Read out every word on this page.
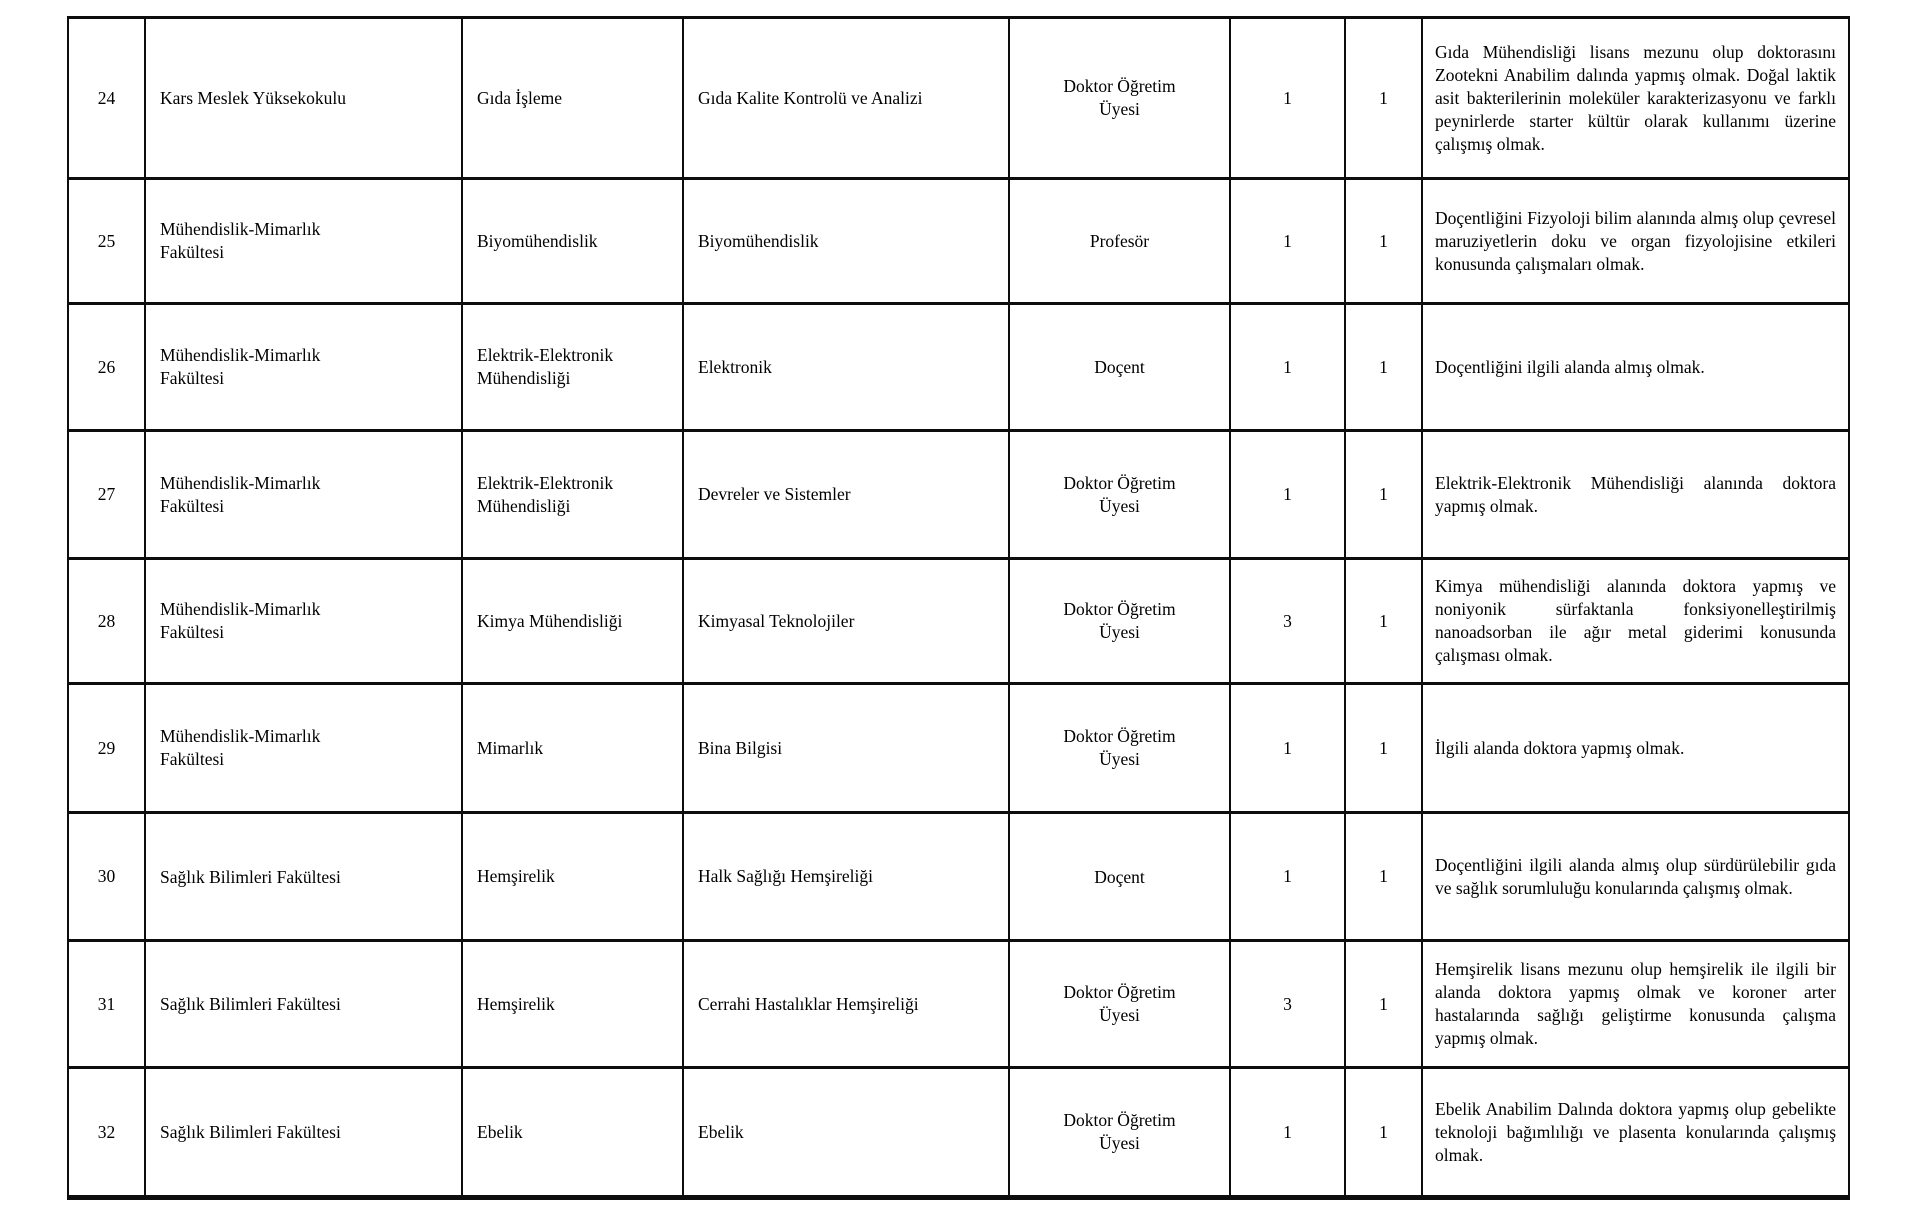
24	Kars Meslek Yüksekokulu	Gıda İşleme	Gıda Kalite Kontrolü ve Analizi	Doktor Öğretim Üyesi	1	1	Gıda Mühendisliği lisans mezunu olup doktorasını Zootekni Anabilim dalında yapmış olmak. Doğal laktik asit bakterilerinin moleküler karakterizasyonu ve farklı peynirlerde starter kültür olarak kullanımı üzerine çalışmış olmak.
25	Mühendislik-Mimarlık Fakültesi	Biyomühendislik	Biyomühendislik	Profesör	1	1	Doçentliğini Fizyoloji bilim alanında almış olup çevresel maruziyetlerin doku ve organ fizyolojisine etkileri konusunda çalışmaları olmak.
26	Mühendislik-Mimarlık Fakültesi	Elektrik-Elektronik Mühendisliği	Elektronik	Doçent	1	1	Doçentliğini ilgili alanda almış olmak.
27	Mühendislik-Mimarlık Fakültesi	Elektrik-Elektronik Mühendisliği	Devreler ve Sistemler	Doktor Öğretim Üyesi	1	1	Elektrik-Elektronik Mühendisliği alanında doktora yapmış olmak.
28	Mühendislik-Mimarlık Fakültesi	Kimya Mühendisliği	Kimyasal Teknolojiler	Doktor Öğretim Üyesi	3	1	Kimya mühendisliği alanında doktora yapmış ve noniyonik sürfaktanla fonksiyonelleştirilmiş nanoadsorban ile ağır metal giderimi konusunda çalışması olmak.
29	Mühendislik-Mimarlık Fakültesi	Mimarlık	Bina Bilgisi	Doktor Öğretim Üyesi	1	1	İlgili alanda doktora yapmış olmak.
30	Sağlık Bilimleri Fakültesi	Hemşirelik	Halk Sağlığı Hemşireliği	Doçent	1	1	Doçentliğini ilgili alanda almış olup sürdürülebilir gıda ve sağlık sorumluluğu konularında çalışmış olmak.
31	Sağlık Bilimleri Fakültesi	Hemşirelik	Cerrahi Hastalıklar Hemşireliği	Doktor Öğretim Üyesi	3	1	Hemşirelik lisans mezunu olup hemşirelik ile ilgili bir alanda doktora yapmış olmak ve koroner arter hastalarında sağlığı geliştirme konusunda çalışma yapmış olmak.
32	Sağlık Bilimleri Fakültesi	Ebelik	Ebelik	Doktor Öğretim Üyesi	1	1	Ebelik Anabilim Dalında doktora yapmış olup gebelikte teknoloji bağımlılığı ve plasenta konularında çalışmış olmak.
